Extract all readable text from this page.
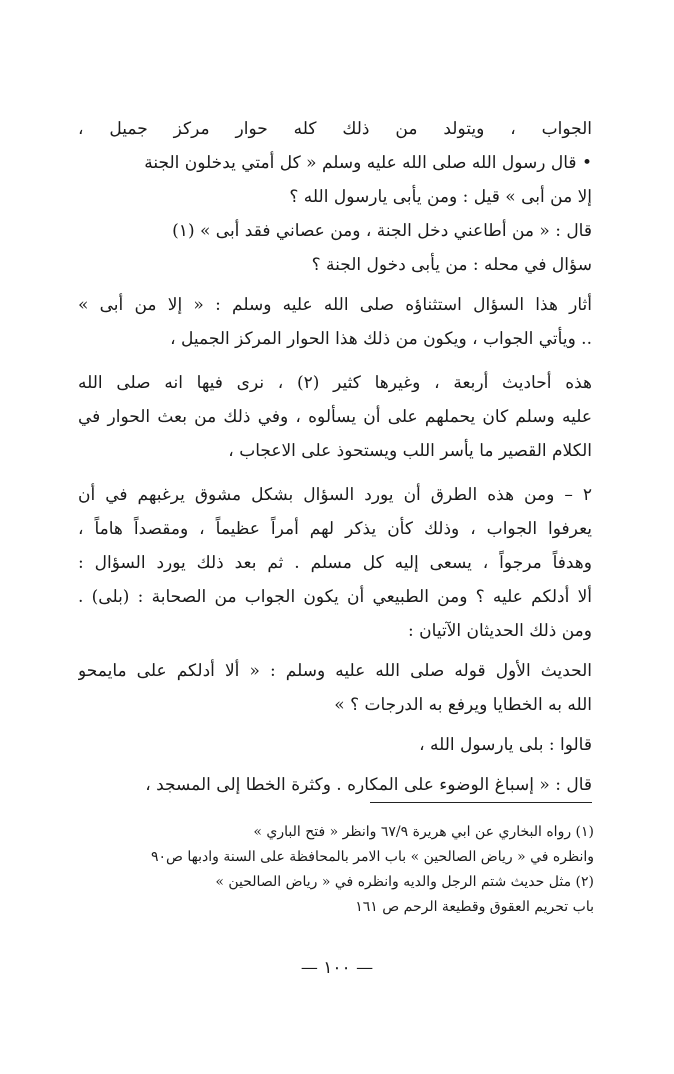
الجواب ، ويتولد من ذلك كله حوار مركز جميل ،
• قال رسول الله صلى الله عليه وسلم « كل أمتي يدخلون الجنة
إلا من أبى » قيل : ومن يأبى يارسول الله ؟
قال : « من أطاعني دخل الجنة ، ومن عصاني فقد أبى » (١)
سؤال في محله : من يأبى دخول الجنة ؟
أثار هذا السؤال استثناؤه صلى الله عليه وسلم : « إلا من أبى »
.. ويأتي الجواب ، ويكون من ذلك هذا الحوار المركز الجميل ،
هذه أحاديث أربعة ، وغيرها كثير (٢) ، نرى فيها انه صلى الله
عليه وسلم كان يحملهم على أن يسألوه ، وفي ذلك من بعث الحوار في
الكلام القصير ما يأسر اللب ويستحوذ على الاعجاب ،
٢ – ومن هذه الطرق أن يورد السؤال بشكل مشوق يرغبهم في أن
يعرفوا الجواب ، وذلك كأن يذكر لهم أمراً عظيماً ، ومقصداً هاماً ،
وهدفاً مرجواً ، يسعى إليه كل مسلم . ثم بعد ذلك يورد السؤال :
ألا أدلكم عليه ؟ ومن الطبيعي أن يكون الجواب من الصحابة : (بلى) .
ومن ذلك الحديثان الآتيان :
الحديث الأول قوله صلى الله عليه وسلم : « ألا أدلكم على مايمحو
الله به الخطايا ويرفع به الدرجات ؟ »
قالوا : بلى يارسول الله ،
قال : « إسباغ الوضوء على المكاره . وكثرة الخطا إلى المسجد ،
(١) رواه البخاري عن ابي هريرة ٦٧/٩ وانظر « فتح الباري »
وانظره في « رياض الصالحين » باب الامر بالمحافظة على السنة وادبها ص٩٠
(٢) مثل حديث شتم الرجل والديه وانظره في « رياض الصالحين »
باب تحريم العقوق وقطيعة الرحم ص ١٦١
— ١٠٠ —
